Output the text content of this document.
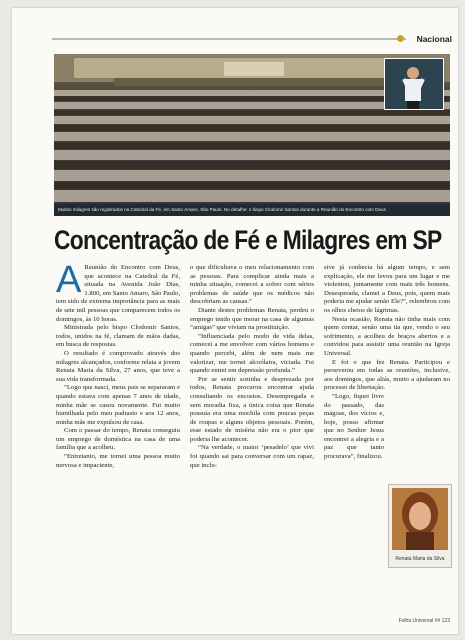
Nacional
Muitos milagres são registrados na Catedral da Fé, em Santo Amaro, São Paulo. No detalhe: o bispo Clodomir Santos durante a Reunião do Encontro com Deus
Concentração de Fé e Milagres em SP

A Reunião do Encontro com Deus, que acontece na Catedral da Fé, situada na Avenida João Dias, 1.800, em Santo Amaro, São Paulo, tem sido de extrema importância para as mais de sete mil pessoas que comparecem todos os domingos, às 10 horas.

Ministrada pelo bispo Clodomir Santos, todos, unidos na fé, clamam de mãos dadas, em busca de respostas.

O resultado é comprovado através dos milagres alcançados, conforme relata a jovem Renata Maria da Silva, 27 anos, que teve a sua vida transformada.

“Logo que nasci, meus pais se separaram e quando estava com apenas 7 anos de idade, minha mãe se casou novamente. Fui muito humilhada pelo meu padrasto e aos 12 anos, minha mãe me expulsou de casa.

Com o passar do tempo, Renata conseguiu um emprego de doméstica na casa de uma família que a acolheu.

“Entretanto, me tornei uma pessoa muito nervosa e impaciente,

o que dificultava o meu relacionamento com as pessoas. Para complicar ainda mais a minha situação, comecei a sofrer com sérios problemas de saúde que os médicos não descobriam as causas.”

Diante destes problemas Renata, perdeu o emprego tendo que morar na casa de algumas “amigas” que viviam na prostituição.

“Influenciada pelo modo de vida delas, comecei a me envolver com vários homens e quando percebi, além de nem mais me valorizar, me tornei alcoólatra, viciada. Foi quando entrei em depressão profunda.”

Por se sentir sozinha e desprezada por todos, Renata procurou encontrar ajuda consultando os encostos. Desempregada e sem moradia fixa, a única coisa que Renata possuía era uma mochila com poucas peças de roupas e alguns objetos pessoais. Porém, esse estado de miséria não era o pior que poderia lhe acontecer.

“Na verdade, o maior ‘pesadelo’ que vivi foi quando sai para conversar com um rapaz, que inclu-

sive já conhecia há algum tempo, e sem explicação, ele me levou para um lugar e me violentou, juntamente com mais três homens. Desesperada, clamei a Deus, pois, quem mais poderia me ajudar senão Ele?”, relembrou com os olhos cheios de lágrimas.

Nesta ocasião, Renata não tinha mais com quem contar, senão uma tia que, vendo o seu sofrimento, a acolheu de braços abertos e a convidou para assistir uma reunião na Igreja Universal.

E foi o que fez Renata. Participou e perseverou em todas as reuniões, inclusive, aos domingos, que aliás, muito a ajudaram no processo de libertação.

“Logo, fiquei livre do passado, das mágoas, dos vícios e, hoje, posso afirmar que no Senhor Jesus encontrei a alegria e a paz que tanto procurava”, finalizou.

Renata Maria da Silva
Folha Universal ## 123
